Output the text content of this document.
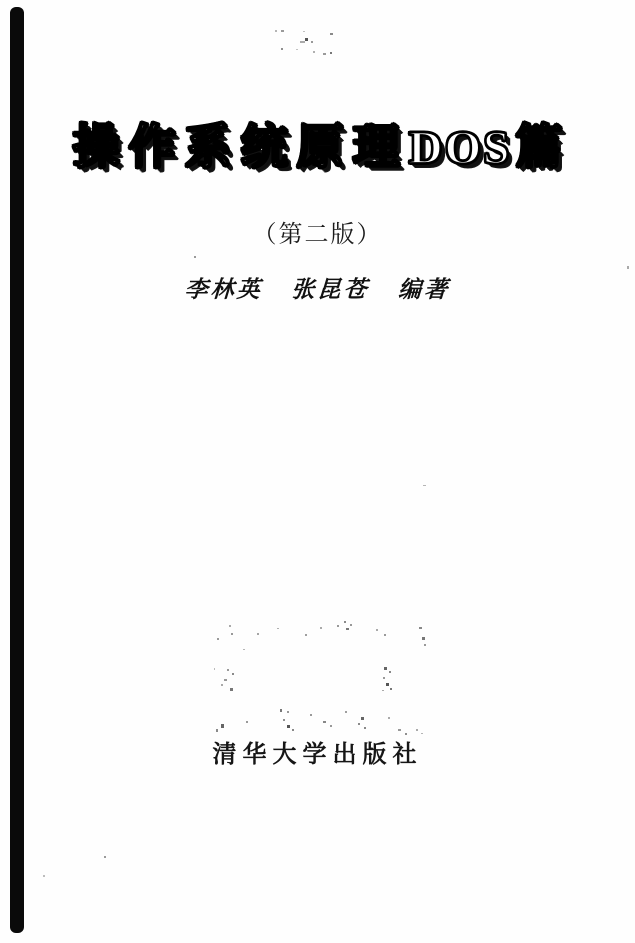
操作系统原理DOS篇
（第二版）
李林英 张昆苍 编著
清华大学出版社
